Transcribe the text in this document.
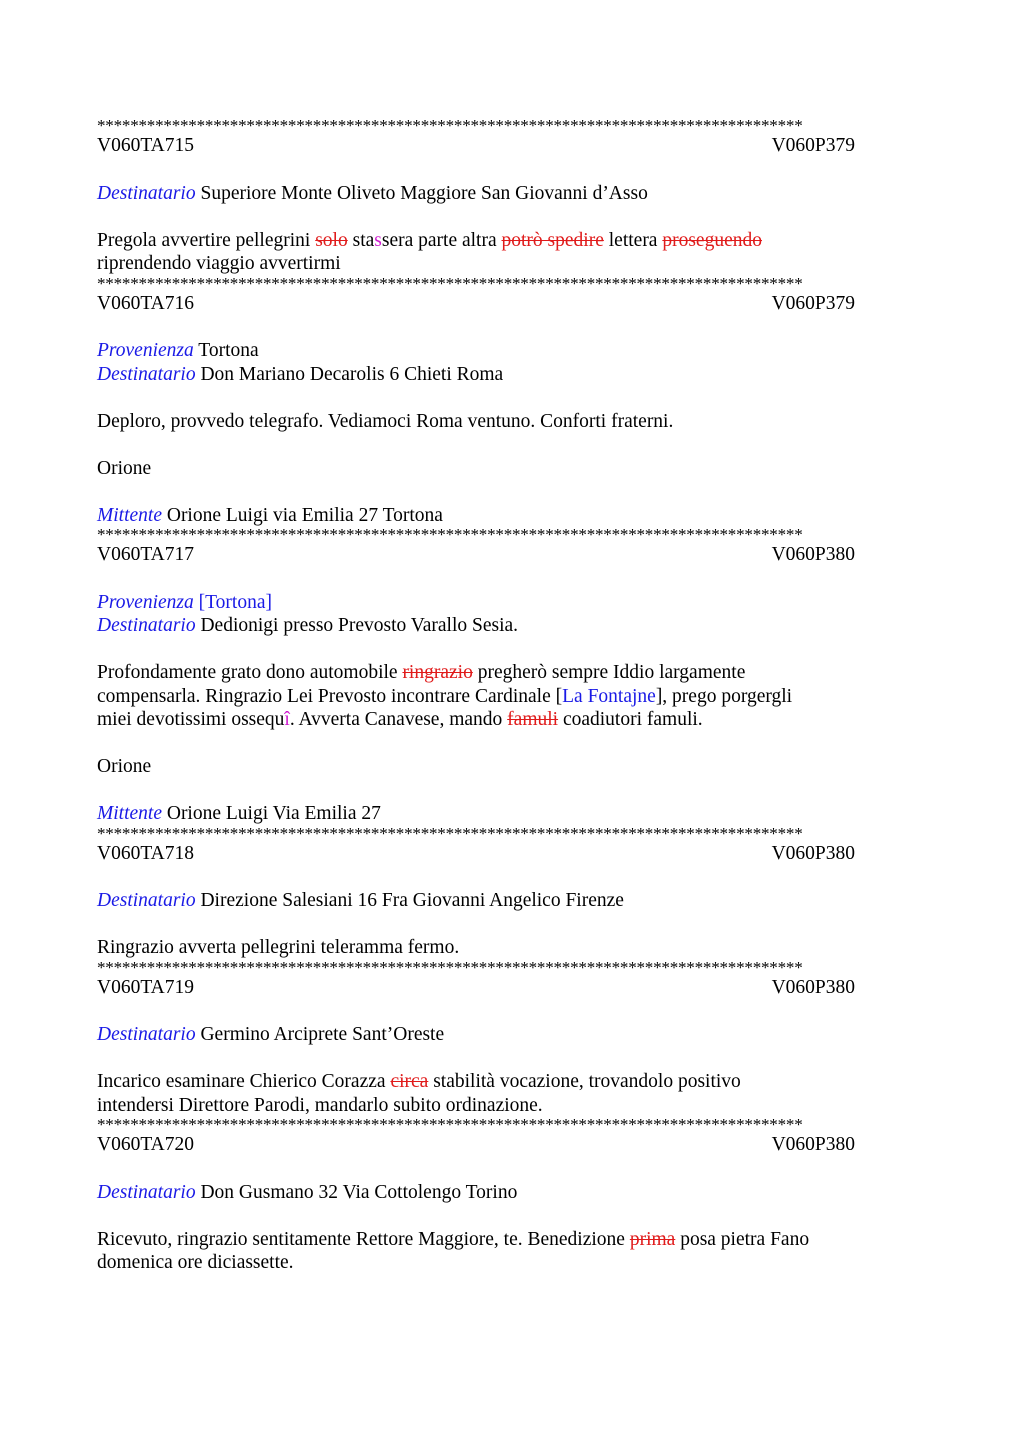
*************************************************************************************
V060TA715	V060P379
Destinatario Superiore Monte Oliveto Maggiore San Giovanni d’Asso
Pregola avvertire pellegrini solo stassera parte altra potrò spedire lettera proseguendo
riprendendo viaggio avvertirmi
*************************************************************************************
V060TA716	V060P379
Provenienza Tortona
Destinatario Don Mariano Decarolis 6 Chieti Roma
Deploro, provvedo telegrafo. Vediamoci Roma ventuno. Conforti fraterni.
Orione
Mittente Orione Luigi via Emilia 27 Tortona
*************************************************************************************
V060TA717	V060P380
Provenienza [Tortona]
Destinatario Dedionigi presso Prevosto Varallo Sesia.
Profondamente grato dono automobile ringrazio pregherò sempre Iddio largamente
compensarla. Ringrazio Lei Prevosto incontrare Cardinale [La Fontajne], prego porgergli
miei devotissimi ossequî. Avverta Canavese, mando famuli coadiutori famuli.
Orione
Mittente Orione Luigi Via Emilia 27
*************************************************************************************
V060TA718	V060P380
Destinatario Direzione Salesiani 16 Fra Giovanni Angelico Firenze
Ringrazio avverta pellegrini teleramma fermo.
*************************************************************************************
V060TA719	V060P380
Destinatario Germino Arciprete Sant’Oreste
Incarico esaminare Chierico Corazza circa stabilità vocazione, trovandolo positivo
intendersi Direttore Parodi, mandarlo subito ordinazione.
*************************************************************************************
V060TA720	V060P380
Destinatario Don Gusmano 32 Via Cottolengo Torino
Ricevuto, ringrazio sentitamente Rettore Maggiore, te. Benedizione prima posa pietra Fano
domenica ore diciassette.
